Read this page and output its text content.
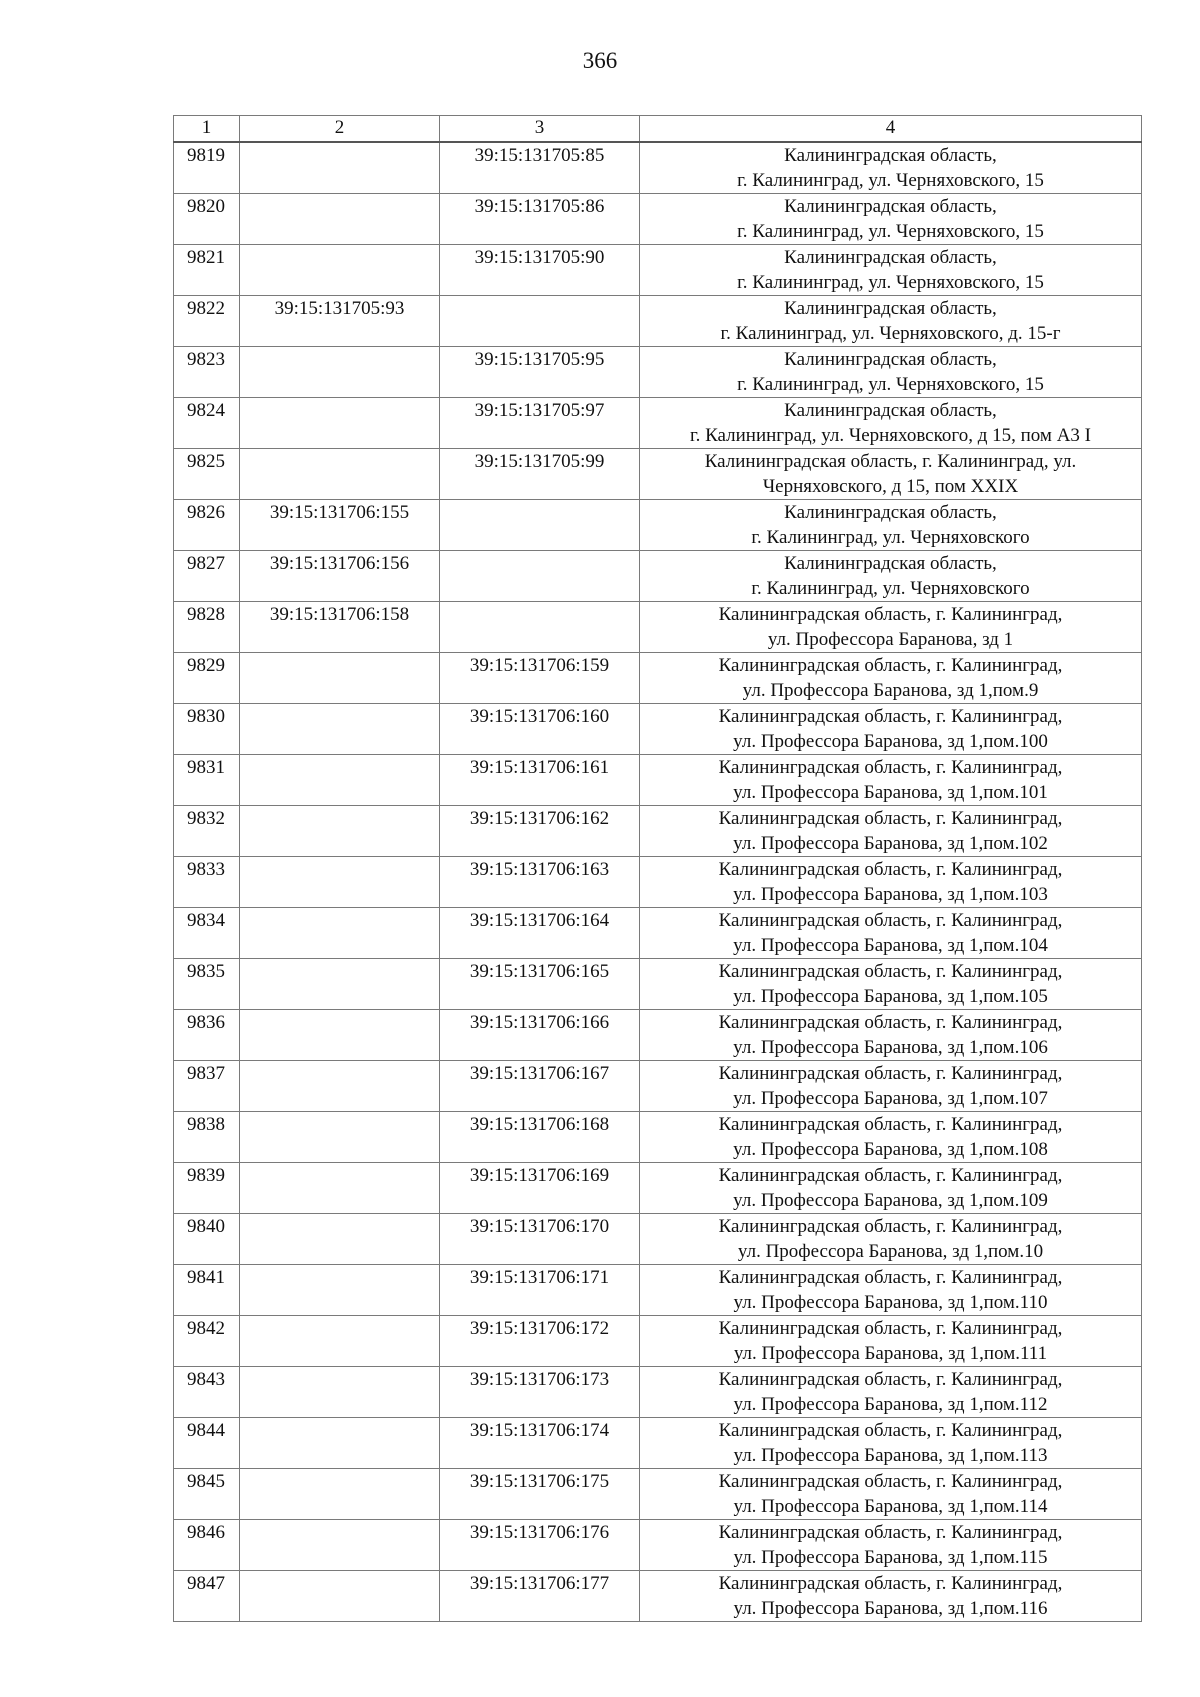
366
1	2	3	4
9819		39:15:131705:85	Калининградская область,
г. Калининград, ул. Черняховского, 15

9820		39:15:131705:86	Калининградская область,
г. Калининград, ул. Черняховского, 15

9821		39:15:131705:90	Калининградская область,
г. Калининград, ул. Черняховского, 15

9822	39:15:131705:93		Калининградская область,
г. Калининград, ул. Черняховского, д. 15-г

9823		39:15:131705:95	Калининградская область,
г. Калининград, ул. Черняховского, 15

9824		39:15:131705:97	Калининградская область,
г. Калининград, ул. Черняховского, д 15, пом А3 I

9825		39:15:131705:99	Калининградская область, г. Калининград, ул.
Черняховского, д 15, пом XXIX

9826	39:15:131706:155		Калининградская область,
г. Калининград, ул. Черняховского

9827	39:15:131706:156		Калининградская область,
г. Калининград, ул. Черняховского

9828	39:15:131706:158		Калининградская область, г. Калининград,
ул. Профессора Баранова, зд 1

9829		39:15:131706:159	Калининградская область, г. Калининград,
ул. Профессора Баранова, зд 1,пом.9

9830		39:15:131706:160	Калининградская область, г. Калининград,
ул. Профессора Баранова, зд 1,пом.100

9831		39:15:131706:161	Калининградская область, г. Калининград,
ул. Профессора Баранова, зд 1,пом.101

9832		39:15:131706:162	Калининградская область, г. Калининград,
ул. Профессора Баранова, зд 1,пом.102

9833		39:15:131706:163	Калининградская область, г. Калининград,
ул. Профессора Баранова, зд 1,пом.103

9834		39:15:131706:164	Калининградская область, г. Калининград,
ул. Профессора Баранова, зд 1,пом.104

9835		39:15:131706:165	Калининградская область, г. Калининград,
ул. Профессора Баранова, зд 1,пом.105

9836		39:15:131706:166	Калининградская область, г. Калининград,
ул. Профессора Баранова, зд 1,пом.106

9837		39:15:131706:167	Калининградская область, г. Калининград,
ул. Профессора Баранова, зд 1,пом.107

9838		39:15:131706:168	Калининградская область, г. Калининград,
ул. Профессора Баранова, зд 1,пом.108

9839		39:15:131706:169	Калининградская область, г. Калининград,
ул. Профессора Баранова, зд 1,пом.109

9840		39:15:131706:170	Калининградская область, г. Калининград,
ул. Профессора Баранова, зд 1,пом.10

9841		39:15:131706:171	Калининградская область, г. Калининград,
ул. Профессора Баранова, зд 1,пом.110

9842		39:15:131706:172	Калининградская область, г. Калининград,
ул. Профессора Баранова, зд 1,пом.111

9843		39:15:131706:173	Калининградская область, г. Калининград,
ул. Профессора Баранова, зд 1,пом.112

9844		39:15:131706:174	Калининградская область, г. Калининград,
ул. Профессора Баранова, зд 1,пом.113

9845		39:15:131706:175	Калининградская область, г. Калининград,
ул. Профессора Баранова, зд 1,пом.114

9846		39:15:131706:176	Калининградская область, г. Калининград,
ул. Профессора Баранова, зд 1,пом.115

9847		39:15:131706:177	Калининградская область, г. Калининград,
ул. Профессора Баранова, зд 1,пом.116
